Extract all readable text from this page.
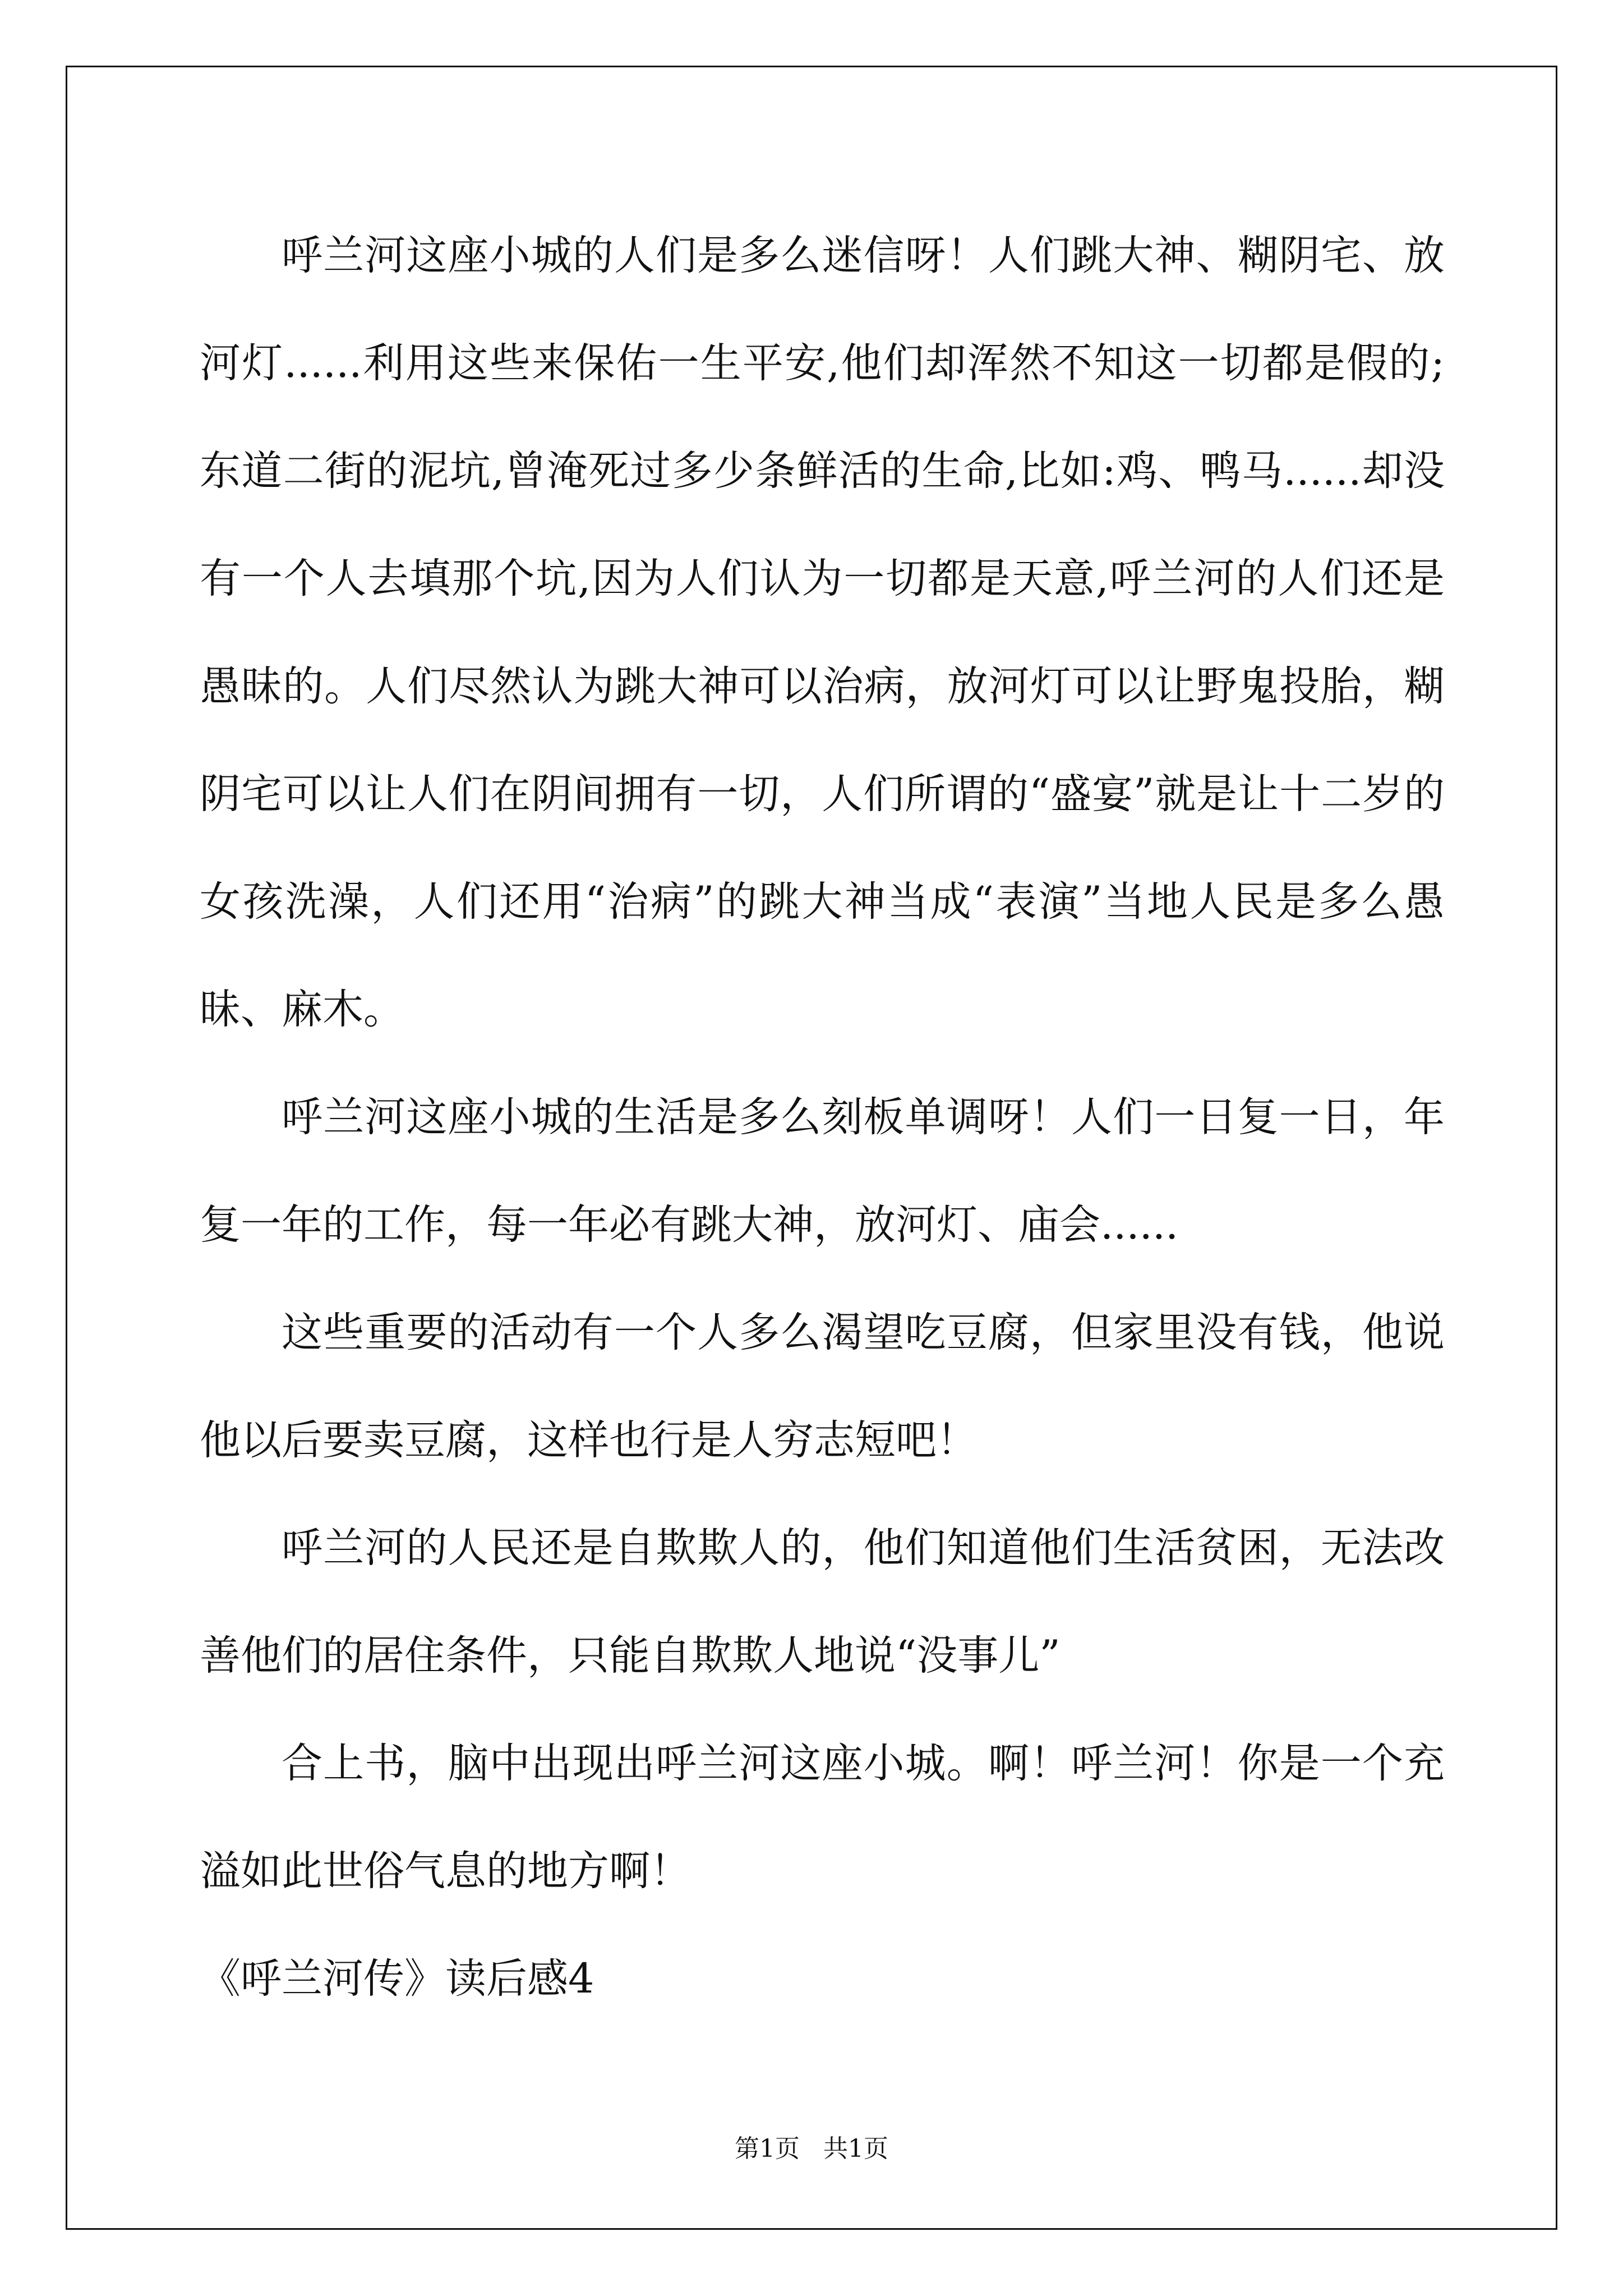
呼兰河这座小城的人们是多么迷信呀！人们跳大神、糊阴宅、放河灯......利用这些来保佑一生平安,他们却浑然不知这一切都是假的;东道二街的泥坑,曾淹死过多少条鲜活的生命,比如:鸡、鸭马......却没有一个人去填那个坑,因为人们认为一切都是天意,呼兰河的人们还是愚昧的。人们尽然认为跳大神可以治病，放河灯可以让野鬼投胎，糊阴宅可以让人们在阴间拥有一切，人们所谓的“盛宴”就是让十二岁的女孩洗澡，人们还用“治病”的跳大神当成“表演”当地人民是多么愚昧、麻木。

呼兰河这座小城的生活是多么刻板单调呀！人们一日复一日，年复一年的工作，每一年必有跳大神，放河灯、庙会......

这些重要的活动有一个人多么渴望吃豆腐，但家里没有钱，他说他以后要卖豆腐，这样也行是人穷志短吧！

呼兰河的人民还是自欺欺人的，他们知道他们生活贫困，无法改善他们的居住条件，只能自欺欺人地说“没事儿”

合上书，脑中出现出呼兰河这座小城。啊！呼兰河！你是一个充溢如此世俗气息的地方啊！

《呼兰河传》读后感4

第1页 共1页
